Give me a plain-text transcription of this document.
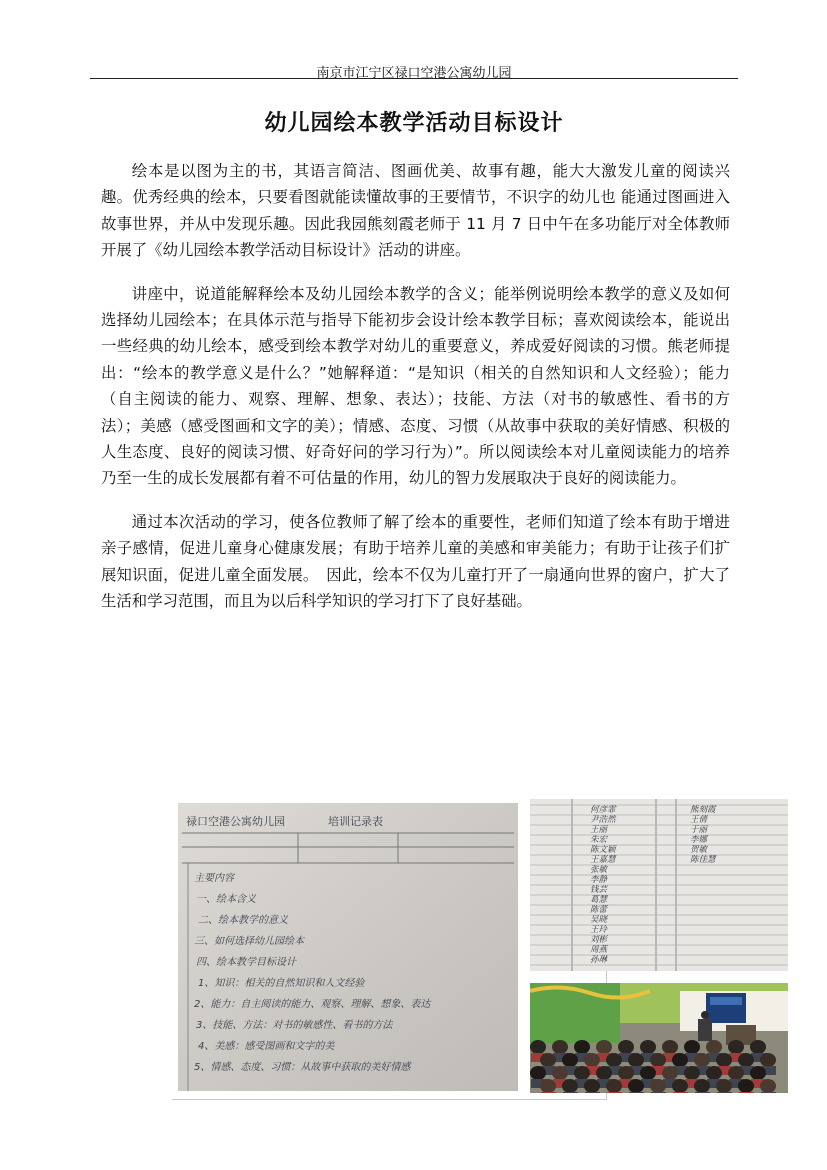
南京市江宁区禄口空港公寓幼儿园
幼儿园绘本教学活动目标设计

绘本是以图为主的书，其语言简洁、图画优美、故事有趣，能大大激发儿童的阅读兴趣。优秀经典的绘本，只要看图就能读懂故事的王要情节，不识字的幼儿也 能通过图画进入故事世界，并从中发现乐趣。因此我园熊刻霞老师于 11 月 7 日中午在多功能厅对全体教师开展了《幼儿园绘本教学活动目标设计》活动的讲座。

讲座中，说道能解释绘本及幼儿园绘本教学的含义；能举例说明绘本教学的意义及如何选择幼儿园绘本；在具体示范与指导下能初步会设计绘本教学目标；喜欢阅读绘本，能说出一些经典的幼儿绘本，感受到绘本教学对幼儿的重要意义，养成爱好阅读的习惯。熊老师提出：“绘本的教学意义是什么？”她解释道：“是知识（相关的自然知识和人文经验）；能力（自主阅读的能力、观察、理解、想象、表达）；技能、方法（对书的敏感性、看书的方法）；美感（感受图画和文字的美）；情感、态度、习惯（从故事中获取的美好情感、积极的人生态度、良好的阅读习惯、好奇好问的学习行为）”。所以阅读绘本对儿童阅读能力的培养乃至一生的成长发展都有着不可估量的作用，幼儿的智力发展取决于良好的阅读能力。

通过本次活动的学习，使各位教师了解了绘本的重要性，老师们知道了绘本有助于增进亲子感情，促进儿童身心健康发展；有助于培养儿童的美感和审美能力；有助于让孩子们扩展知识面，促进儿童全面发展。　因此，绘本不仅为儿童打开了一扇通向世界的窗户，扩大了生活和学习范围，而且为以后科学知识的学习打下了良好基础。

禄口空港公寓幼儿园	培训记录表
主要内容
一、绘本含义
二、绘本教学的意义
三、如何选择幼儿园绘本
四、绘本教学目标设计
1、知识：相关的自然知识和人文经验
2、能力：自主阅读的能力、观察、理解、想象、表达
3、技能、方法：对书的敏感性、看书的方法
4、美感：感受图画和文字的美
5、情感、态度、习惯：从故事中获取的美好情感
何彦霏
尹浩然
王丽
朱宏
陈文颖
王嘉慧
张敏
李静
钱芸
葛慧
陈蕾
吴晓
王玲
刘彬
周燕
孙琳
熊刻霞
王倩
于丽
李娜
贺敏
陈佳慧
